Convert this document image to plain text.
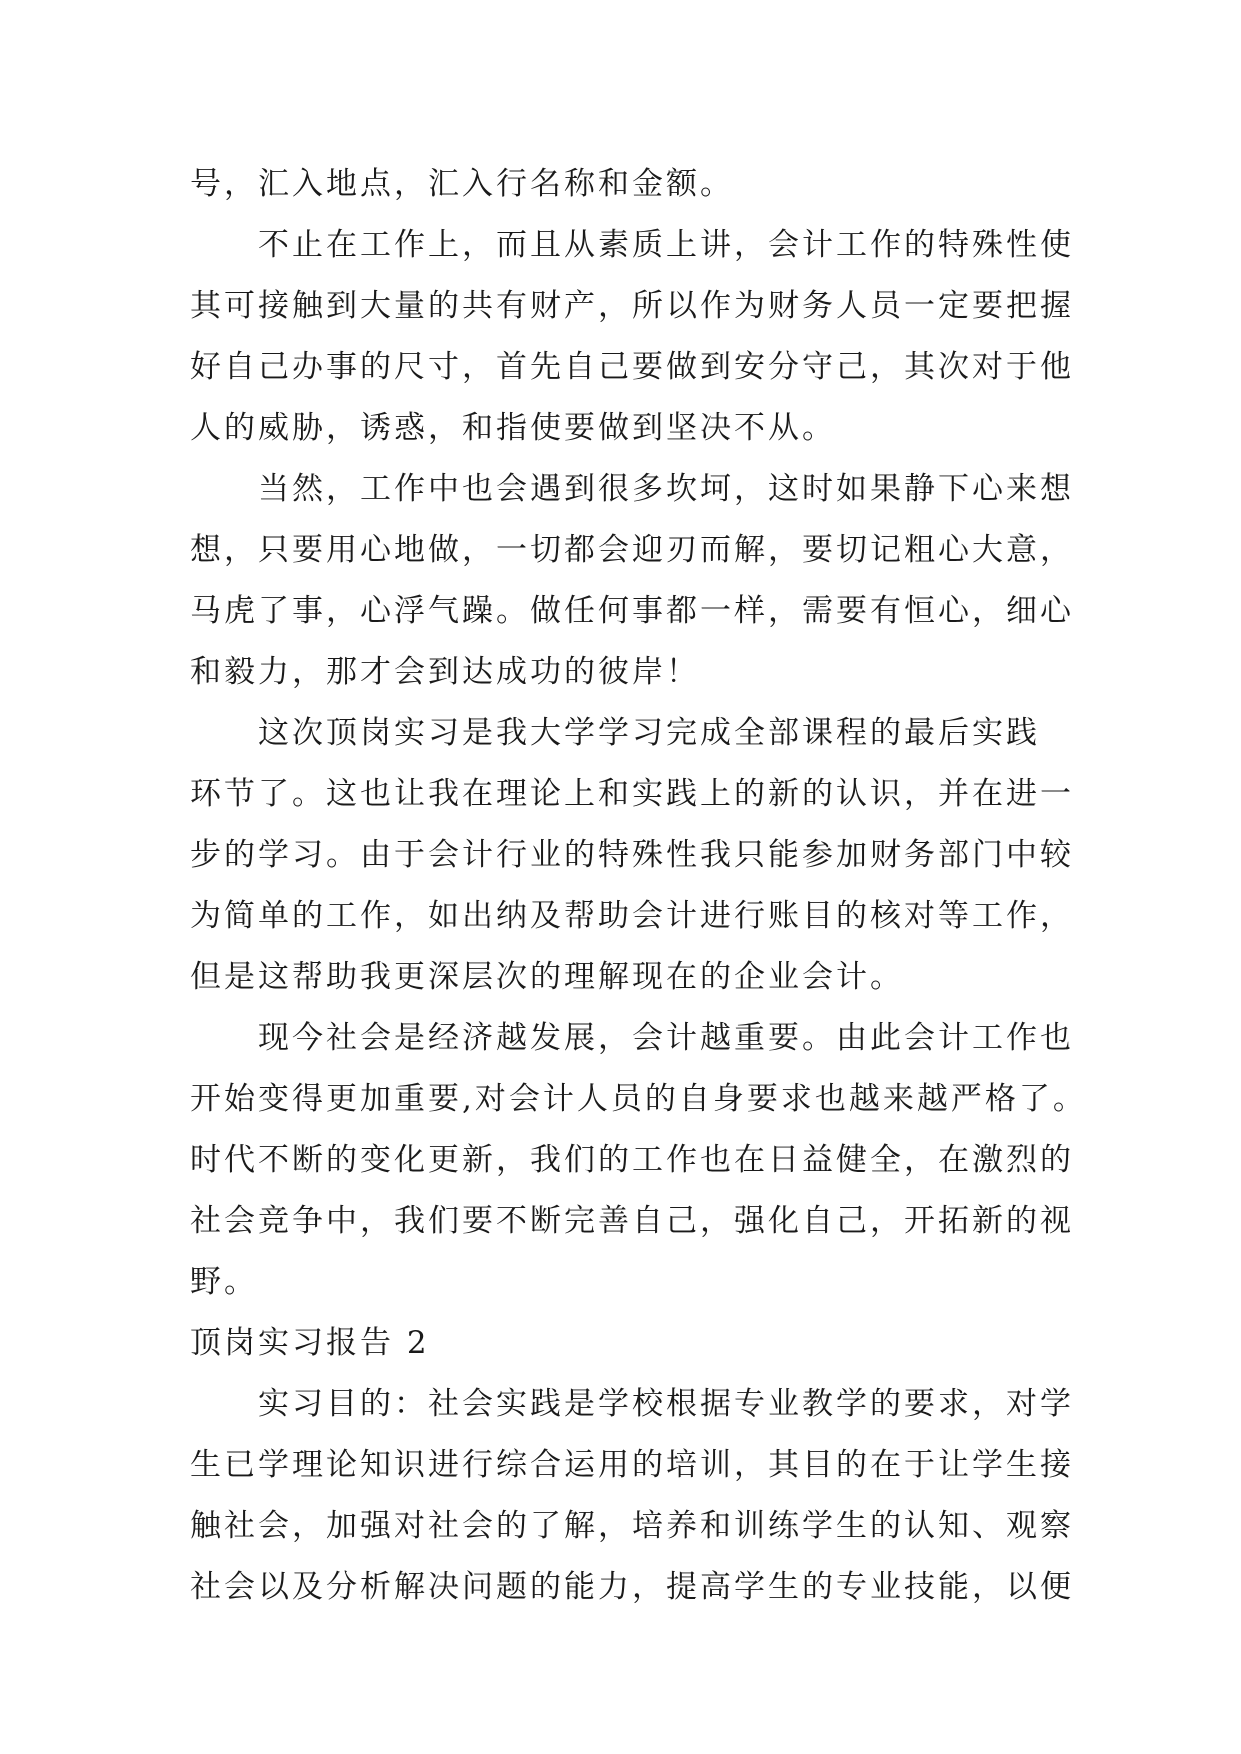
号，汇入地点，汇入行名称和金额。
不止在工作上，而且从素质上讲，会计工作的特殊性使
其可接触到大量的共有财产，所以作为财务人员一定要把握
好自己办事的尺寸，首先自己要做到安分守己，其次对于他
人的威胁，诱惑，和指使要做到坚决不从。
当然，工作中也会遇到很多坎坷，这时如果静下心来想
想，只要用心地做，一切都会迎刃而解，要切记粗心大意，
马虎了事，心浮气躁。做任何事都一样，需要有恒心，细心
和毅力，那才会到达成功的彼岸！
这次顶岗实习是我大学学习完成全部课程的最后实践
环节了。这也让我在理论上和实践上的新的认识，并在进一
步的学习。由于会计行业的特殊性我只能参加财务部门中较
为简单的工作，如出纳及帮助会计进行账目的核对等工作，
但是这帮助我更深层次的理解现在的企业会计。
现今社会是经济越发展，会计越重要。由此会计工作也
开始变得更加重要,对会计人员的自身要求也越来越严格了。
时代不断的变化更新，我们的工作也在日益健全，在激烈的
社会竞争中，我们要不断完善自己，强化自己，开拓新的视
野。
顶岗实习报告 2
实习目的：社会实践是学校根据专业教学的要求，对学
生已学理论知识进行综合运用的培训，其目的在于让学生接
触社会，加强对社会的了解，培养和训练学生的认知、观察
社会以及分析解决问题的能力，提高学生的专业技能，以便
